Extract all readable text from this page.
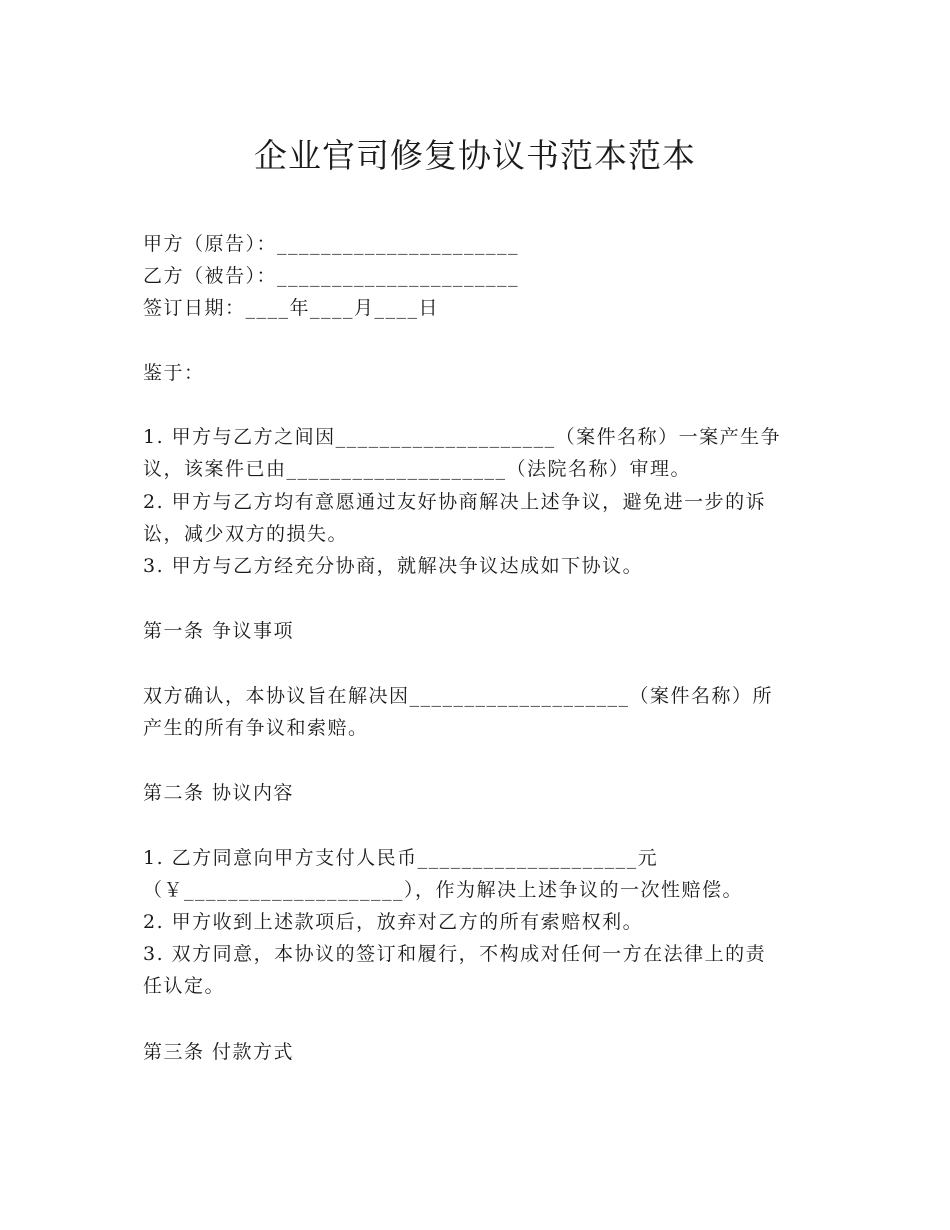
企业官司修复协议书范本范本
甲方（原告）：______________________
乙方（被告）：______________________
签订日期：____年____月____日
鉴于：
1. 甲方与乙方之间因____________________（案件名称）一案产生争
议，该案件已由____________________（法院名称）审理。
2. 甲方与乙方均有意愿通过友好协商解决上述争议，避免进一步的诉
讼，减少双方的损失。
3. 甲方与乙方经充分协商，就解决争议达成如下协议。
第一条 争议事项
双方确认，本协议旨在解决因____________________（案件名称）所
产生的所有争议和索赔。
第二条 协议内容
1. 乙方同意向甲方支付人民币____________________元
（￥____________________），作为解决上述争议的一次性赔偿。
2. 甲方收到上述款项后，放弃对乙方的所有索赔权利。
3. 双方同意，本协议的签订和履行，不构成对任何一方在法律上的责
任认定。
第三条 付款方式
